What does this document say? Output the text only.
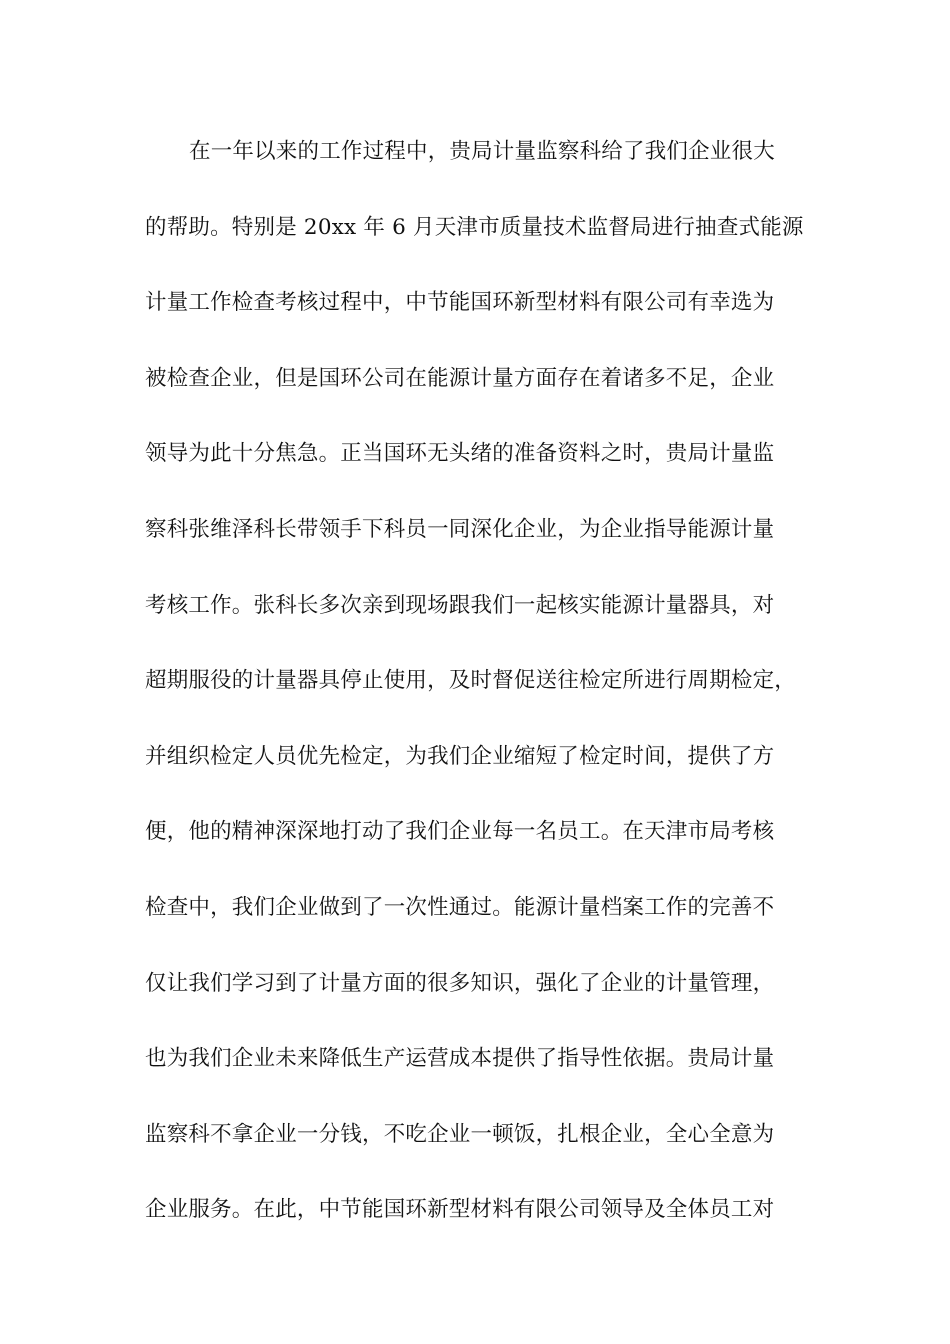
在一年以来的工作过程中，贵局计量监察科给了我们企业很大
的帮助。特别是 20xx 年 6 月天津市质量技术监督局进行抽查式能源
计量工作检查考核过程中，中节能国环新型材料有限公司有幸选为
被检查企业，但是国环公司在能源计量方面存在着诸多不足，企业
领导为此十分焦急。正当国环无头绪的准备资料之时，贵局计量监
察科张维泽科长带领手下科员一同深化企业，为企业指导能源计量
考核工作。张科长多次亲到现场跟我们一起核实能源计量器具，对
超期服役的计量器具停止使用，及时督促送往检定所进行周期检定，
并组织检定人员优先检定，为我们企业缩短了检定时间，提供了方
便，他的精神深深地打动了我们企业每一名员工。在天津市局考核
检查中，我们企业做到了一次性通过。能源计量档案工作的完善不
仅让我们学习到了计量方面的很多知识，强化了企业的计量管理，
也为我们企业未来降低生产运营成本提供了指导性依据。贵局计量
监察科不拿企业一分钱，不吃企业一顿饭，扎根企业，全心全意为
企业服务。在此，中节能国环新型材料有限公司领导及全体员工对
